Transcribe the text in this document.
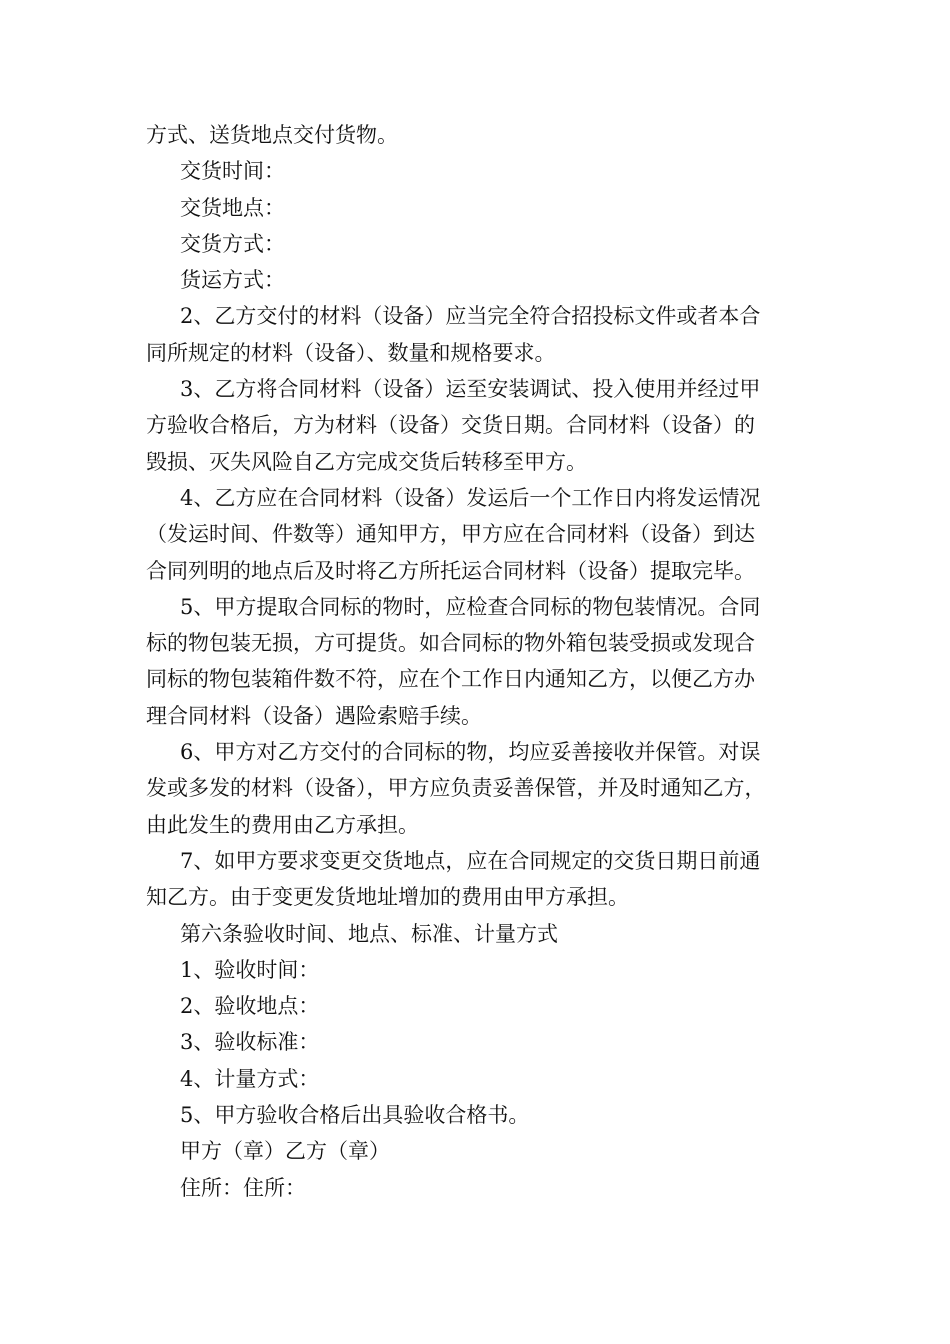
方式、送货地点交付货物。
交货时间：
交货地点：
交货方式：
货运方式：
2、乙方交付的材料（设备）应当完全符合招投标文件或者本合
同所规定的材料（设备）、数量和规格要求。
3、乙方将合同材料（设备）运至安装调试、投入使用并经过甲
方验收合格后，方为材料（设备）交货日期。合同材料（设备）的
毁损、灭失风险自乙方完成交货后转移至甲方。
4、乙方应在合同材料（设备）发运后一个工作日内将发运情况
（发运时间、件数等）通知甲方，甲方应在合同材料（设备）到达
合同列明的地点后及时将乙方所托运合同材料（设备）提取完毕。
5、甲方提取合同标的物时，应检查合同标的物包装情况。合同
标的物包装无损，方可提货。如合同标的物外箱包装受损或发现合
同标的物包装箱件数不符，应在个工作日内通知乙方，以便乙方办
理合同材料（设备）遇险索赔手续。
6、甲方对乙方交付的合同标的物，均应妥善接收并保管。对误
发或多发的材料（设备），甲方应负责妥善保管，并及时通知乙方，
由此发生的费用由乙方承担。
7、如甲方要求变更交货地点，应在合同规定的交货日期日前通
知乙方。由于变更发货地址增加的费用由甲方承担。
第六条验收时间、地点、标准、计量方式
1、验收时间：
2、验收地点：
3、验收标准：
4、计量方式：
5、甲方验收合格后出具验收合格书。
甲方（章）乙方（章）
住所：住所：
